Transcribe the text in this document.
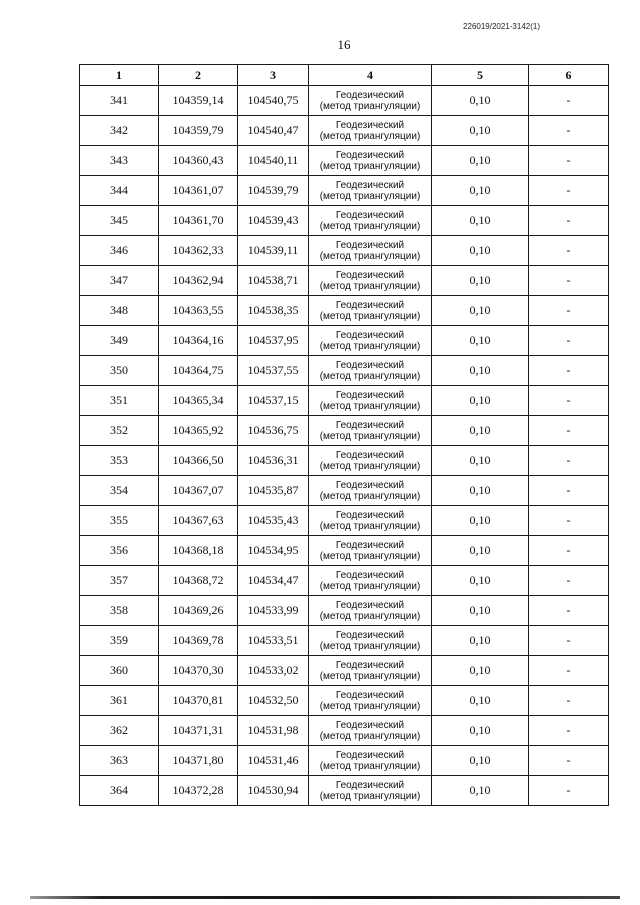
226019/2021-3142(1)
16
1	2	3	4	5	6
341	104359,14	104540,75	Геодезический
(метод триангуляции)	0,10	-
342	104359,79	104540,47	Геодезический
(метод триангуляции)	0,10	-
343	104360,43	104540,11	Геодезический
(метод триангуляции)	0,10	-
344	104361,07	104539,79	Геодезический
(метод триангуляции)	0,10	-
345	104361,70	104539,43	Геодезический
(метод триангуляции)	0,10	-
346	104362,33	104539,11	Геодезический
(метод триангуляции)	0,10	-
347	104362,94	104538,71	Геодезический
(метод триангуляции)	0,10	-
348	104363,55	104538,35	Геодезический
(метод триангуляции)	0,10	-
349	104364,16	104537,95	Геодезический
(метод триангуляции)	0,10	-
350	104364,75	104537,55	Геодезический
(метод триангуляции)	0,10	-
351	104365,34	104537,15	Геодезический
(метод триангуляции)	0,10	-
352	104365,92	104536,75	Геодезический
(метод триангуляции)	0,10	-
353	104366,50	104536,31	Геодезический
(метод триангуляции)	0,10	-
354	104367,07	104535,87	Геодезический
(метод триангуляции)	0,10	-
355	104367,63	104535,43	Геодезический
(метод триангуляции)	0,10	-
356	104368,18	104534,95	Геодезический
(метод триангуляции)	0,10	-
357	104368,72	104534,47	Геодезический
(метод триангуляции)	0,10	-
358	104369,26	104533,99	Геодезический
(метод триангуляции)	0,10	-
359	104369,78	104533,51	Геодезический
(метод триангуляции)	0,10	-
360	104370,30	104533,02	Геодезический
(метод триангуляции)	0,10	-
361	104370,81	104532,50	Геодезический
(метод триангуляции)	0,10	-
362	104371,31	104531,98	Геодезический
(метод триангуляции)	0,10	-
363	104371,80	104531,46	Геодезический
(метод триангуляции)	0,10	-
364	104372,28	104530,94	Геодезический
(метод триангуляции)	0,10	-
